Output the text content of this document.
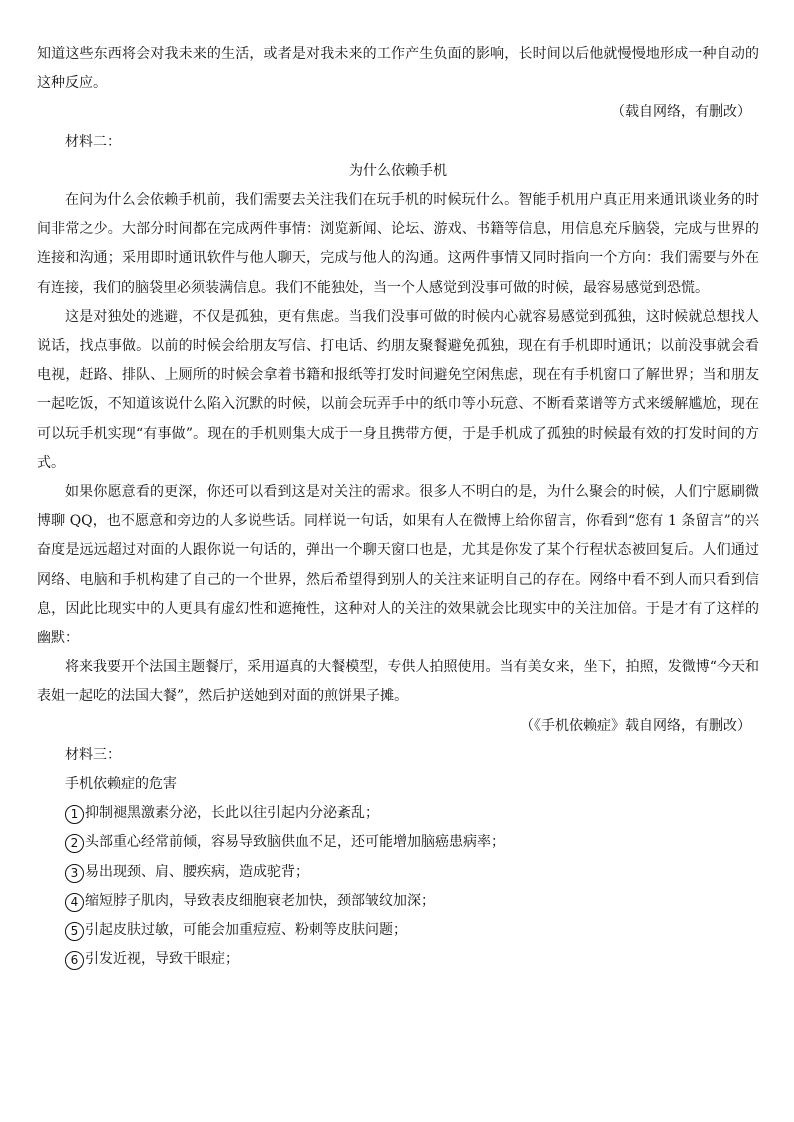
知道这些东西将会对我未来的生活，或者是对我未来的工作产生负面的影响，长时间以后他就慢慢地形成一种自动的这种反应。

（载自网络，有删改）

材料二：

为什么依赖手机

在问为什么会依赖手机前，我们需要去关注我们在玩手机的时候玩什么。智能手机用户真正用来通讯谈业务的时间非常之少。大部分时间都在完成两件事情：浏览新闻、论坛、游戏、书籍等信息，用信息充斥脑袋，完成与世界的连接和沟通；采用即时通讯软件与他人聊天，完成与他人的沟通。这两件事情又同时指向一个方向：我们需要与外在有连接，我们的脑袋里必须装满信息。我们不能独处，当一个人感觉到没事可做的时候，最容易感觉到恐慌。

这是对独处的逃避，不仅是孤独，更有焦虑。当我们没事可做的时候内心就容易感觉到孤独，这时候就总想找人说话，找点事做。以前的时候会给朋友写信、打电话、约朋友聚餐避免孤独，现在有手机即时通讯；以前没事就会看电视，赶路、排队、上厕所的时候会拿着书籍和报纸等打发时间避免空闲焦虑，现在有手机窗口了解世界；当和朋友一起吃饭，不知道该说什么陷入沉默的时候，以前会玩弄手中的纸巾等小玩意、不断看菜谱等方式来缓解尴尬，现在可以玩手机实现“有事做”。现在的手机则集大成于一身且携带方便，于是手机成了孤独的时候最有效的打发时间的方式。

如果你愿意看的更深，你还可以看到这是对关注的需求。很多人不明白的是，为什么聚会的时候，人们宁愿刷微博聊 QQ，也不愿意和旁边的人多说些话。同样说一句话，如果有人在微博上给你留言，你看到“您有 1 条留言”的兴奋度是远远超过对面的人跟你说一句话的，弹出一个聊天窗口也是，尤其是你发了某个行程状态被回复后。人们通过网络、电脑和手机构建了自己的一个世界，然后希望得到别人的关注来证明自己的存在。网络中看不到人而只看到信息，因此比现实中的人更具有虚幻性和遮掩性，这种对人的关注的效果就会比现实中的关注加倍。于是才有了这样的幽默：

将来我要开个法国主题餐厅，采用逼真的大餐模型，专供人拍照使用。当有美女来，坐下，拍照，发微博“今天和表姐一起吃的法国大餐”，然后护送她到对面的煎饼果子摊。

（《手机依赖症》载自网络，有删改）

材料三：

手机依赖症的危害

1 抑制褪黑激素分泌，长此以往引起内分泌紊乱；
2 头部重心经常前倾，容易导致脑供血不足，还可能增加脑癌患病率；
3 易出现颈、肩、腰疾病，造成驼背；
4 缩短脖子肌肉，导致表皮细胞衰老加快，颈部皱纹加深；
5 引起皮肤过敏，可能会加重痘痘、粉刺等皮肤问题；
6 引发近视，导致干眼症；
